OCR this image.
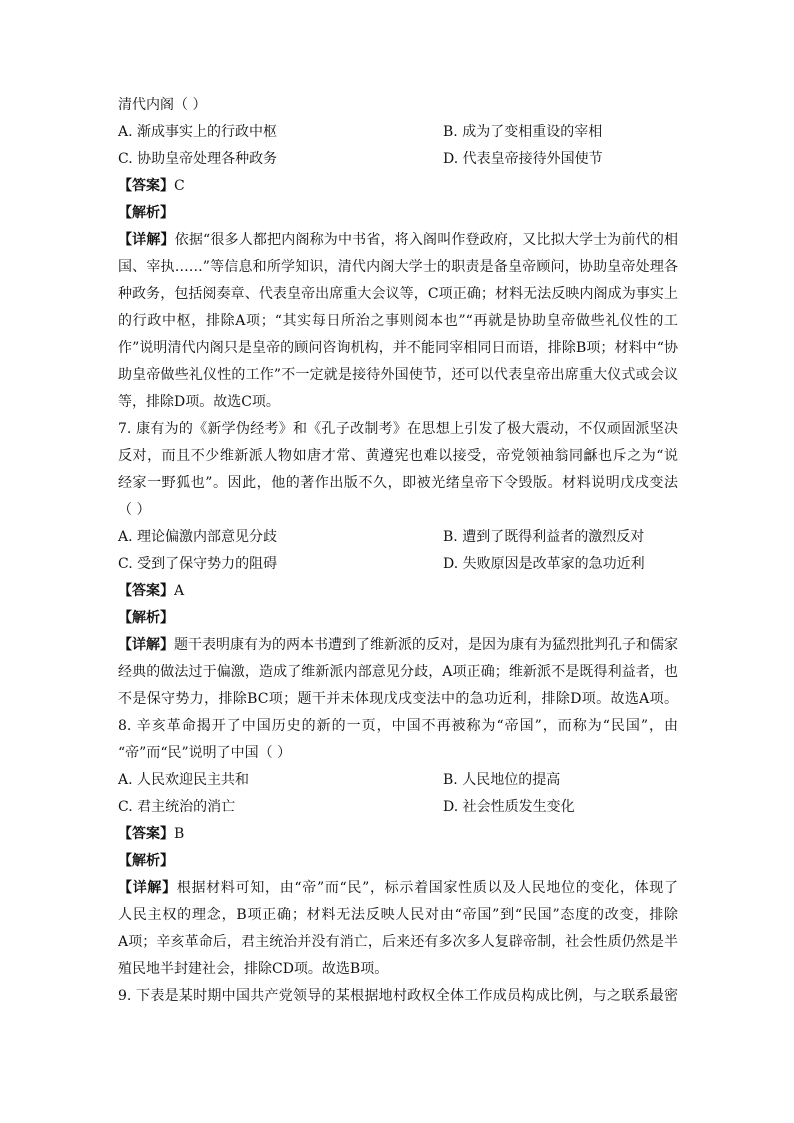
清代内阁（ ）
A. 渐成事实上的行政中枢	B. 成为了变相重设的宰相
C. 协助皇帝处理各种政务	D. 代表皇帝接待外国使节
【答案】C
【解析】
【详解】依据“很多人都把内阁称为中书省，将入阁叫作登政府，又比拟大学士为前代的相
国、宰执……”等信息和所学知识，清代内阁大学士的职责是备皇帝顾问，协助皇帝处理各
种政务，包括阅奏章、代表皇帝出席重大会议等，C项正确；材料无法反映内阁成为事实上
的行政中枢，排除A项；“其实每日所治之事则阅本也”“再就是协助皇帝做些礼仪性的工
作”说明清代内阁只是皇帝的顾问咨询机构，并不能同宰相同日而语，排除B项；材料中“协
助皇帝做些礼仪性的工作”不一定就是接待外国使节，还可以代表皇帝出席重大仪式或会议
等，排除D项。故选C项。
7. 康有为的《新学伪经考》和《孔子改制考》在思想上引发了极大震动，不仅顽固派坚决
反对，而且不少维新派人物如唐才常、黄遵宪也难以接受，帝党领袖翁同龢也斥之为“说
经家一野狐也”。因此，他的著作出版不久，即被光绪皇帝下令毁版。材料说明戊戌变法
（ ）
A. 理论偏激内部意见分歧	B. 遭到了既得利益者的激烈反对
C. 受到了保守势力的阻碍	D. 失败原因是改革家的急功近利
【答案】A
【解析】
【详解】题干表明康有为的两本书遭到了维新派的反对，是因为康有为猛烈批判孔子和儒家
经典的做法过于偏激，造成了维新派内部意见分歧，A项正确；维新派不是既得利益者，也
不是保守势力，排除BC项；题干并未体现戊戌变法中的急功近利，排除D项。故选A项。
8. 辛亥革命揭开了中国历史的新的一页，中国不再被称为“帝国”，而称为“民国”，由
“帝”而“民”说明了中国（ ）
A. 人民欢迎民主共和	B. 人民地位的提高
C. 君主统治的消亡	D. 社会性质发生变化
【答案】B
【解析】
【详解】根据材料可知，由“帝”而“民”，标示着国家性质以及人民地位的变化，体现了
人民主权的理念，B项正确；材料无法反映人民对由“帝国”到“民国”态度的改变，排除
A项；辛亥革命后，君主统治并没有消亡，后来还有多次多人复辟帝制，社会性质仍然是半
殖民地半封建社会，排除CD项。故选B项。
9. 下表是某时期中国共产党领导的某根据地村政权全体工作成员构成比例，与之联系最密
